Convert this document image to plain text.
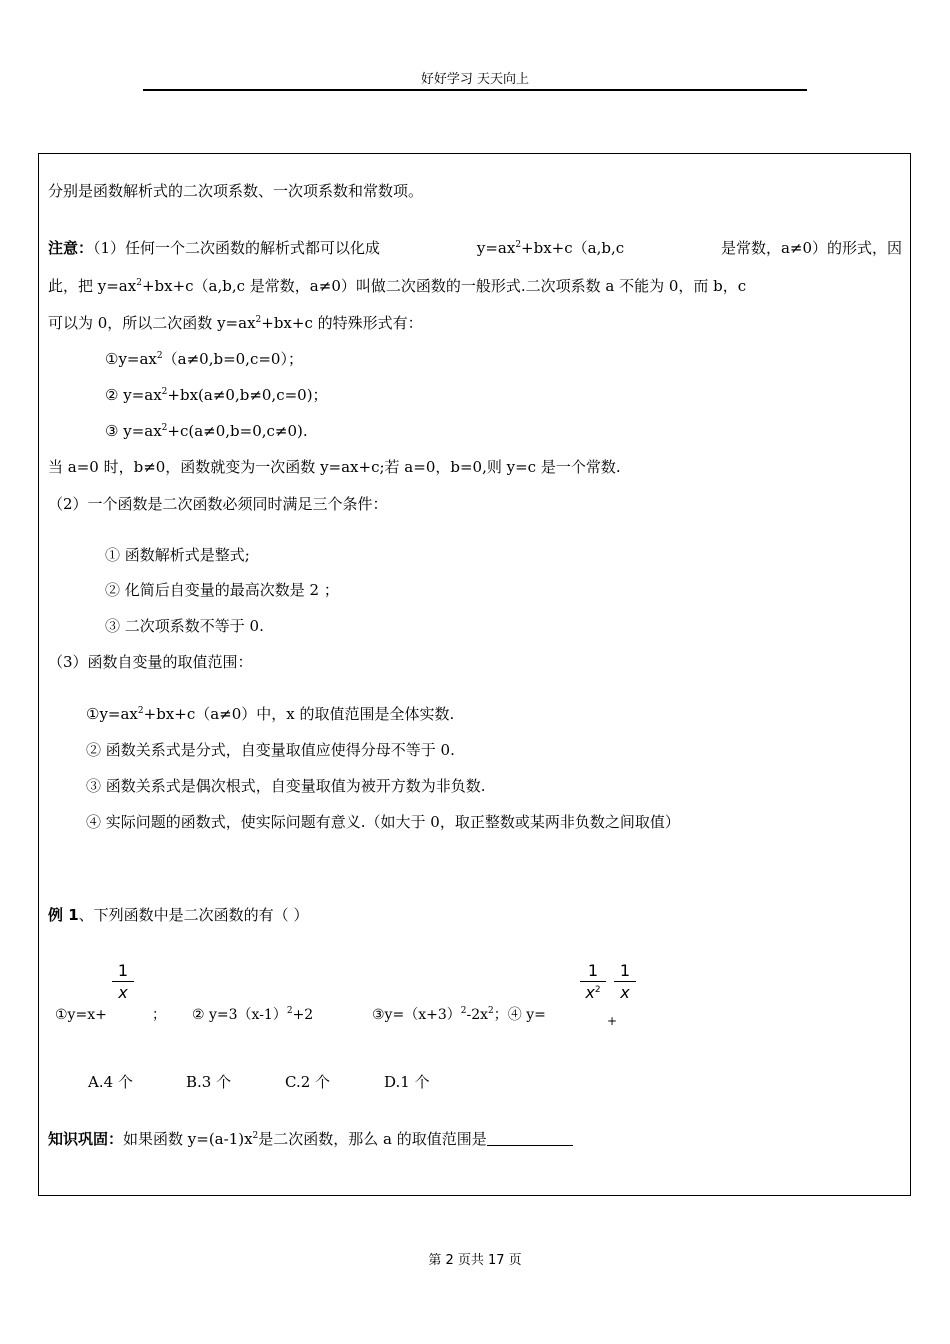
好好学习 天天向上
分别是函数解析式的二次项系数、一次项系数和常数项。
注意：（1）任何一个二次函数的解析式都可以化成	$y=ax^2+bx+c(a,b,c$	是常数，a≠0）的形式，因
此，把 $y=ax^2+bx+c(a,b,c$ 是常数，a≠0）叫做二次函数的一般形式.二次项系数 a 不能为 0，而 b，c
可以为 0，所以二次函数 $y=ax^2+bx+c$ 的特殊形式有：
$①y=ax^2(a\ne 0,b=0,c=0)$；
② $y=ax^2+bx(a\ne 0,b\ne 0,c=0)$；
③ $y=ax^2+c(a\ne 0,b=0,c\ne 0)$.
当 a=0 时，b≠0，函数就变为一次函数 y=ax+c;若 a=0，b=0,则 y=c 是一个常数.
（2）一个函数是二次函数必须同时满足三个条件：
① 函数解析式是整式;
② 化简后自变量的最高次数是 2 ；
③ 二次项系数不等于 0.
（3）函数自变量的取值范围：
$①y=ax^2+bx+c(a\ne 0)$中，x 的取值范围是全体实数.
② 函数关系式是分式，自变量取值应使得分母不等于 0.
③ 函数关系式是偶次根式，自变量取值为被开方数为非负数.
④ 实际问题的函数式，使实际问题有意义.（如大于 0，取正整数或某两非负数之间取值）
例 1、下列函数中是二次函数的有（ ）
1
x
1
$x^2$
1
x
①y=x+	； ② $y=3(x-1)^2+2$	$③y=(x+3)^2-2x^2$；④ y=	+
A.4 个	B.3 个	C.2 个	D.1 个
知识巩固：如果函数 $y=(a-1)x^2$是二次函数，那么 a 的取值范围是
第 2 页共 17 页
